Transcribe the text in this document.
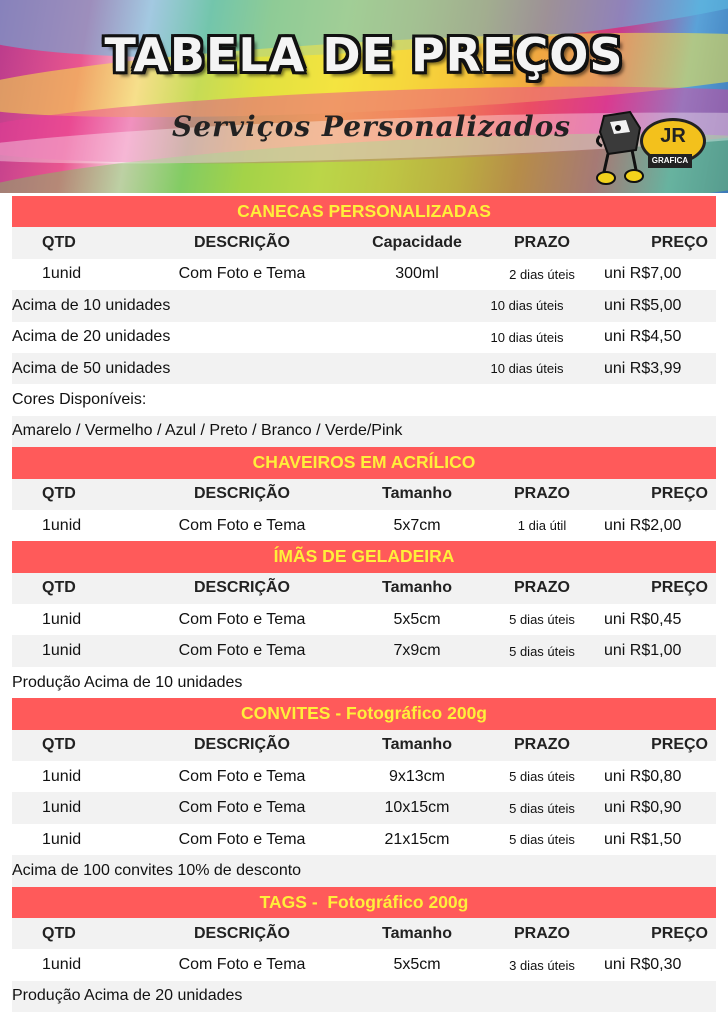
TABELA DE PREÇOS
Serviços Personalizados	JR
GRAFICA
CANECAS PERSONALIZADAS
QTD	DESCRIÇÃO	Capacidade	PRAZO	PREÇO
1unid	Com Foto e Tema	300ml	2 dias úteis	uni R$7,00
Acima de 10 unidades	10 dias úteis	uni R$5,00
Acima de 20 unidades	10 dias úteis	uni R$4,50
Acima de 50 unidades	10 dias úteis	uni R$3,99
Cores Disponíveis:
Amarelo / Vermelho / Azul / Preto / Branco / Verde/Pink
CHAVEIROS EM ACRÍLICO
QTD	DESCRIÇÃO	Tamanho	PRAZO	PREÇO
1unid	Com Foto e Tema	5x7cm	1 dia útil	uni R$2,00
ÍMÃS DE GELADEIRA
QTD	DESCRIÇÃO	Tamanho	PRAZO	PREÇO
1unid	Com Foto e Tema	5x5cm	5 dias úteis	uni R$0,45
1unid	Com Foto e Tema	7x9cm	5 dias úteis	uni R$1,00
Produção Acima de 10 unidades
CONVITES - Fotográfico 200g
QTD	DESCRIÇÃO	Tamanho	PRAZO	PREÇO
1unid	Com Foto e Tema	9x13cm	5 dias úteis	uni R$0,80
1unid	Com Foto e Tema	10x15cm	5 dias úteis	uni R$0,90
1unid	Com Foto e Tema	21x15cm	5 dias úteis	uni R$1,50
Acima de 100 convites 10% de desconto
TAGS -  Fotográfico 200g
QTD	DESCRIÇÃO	Tamanho	PRAZO	PREÇO
1unid	Com Foto e Tema	5x5cm	3 dias úteis	uni R$0,30
Produção Acima de 20 unidades
